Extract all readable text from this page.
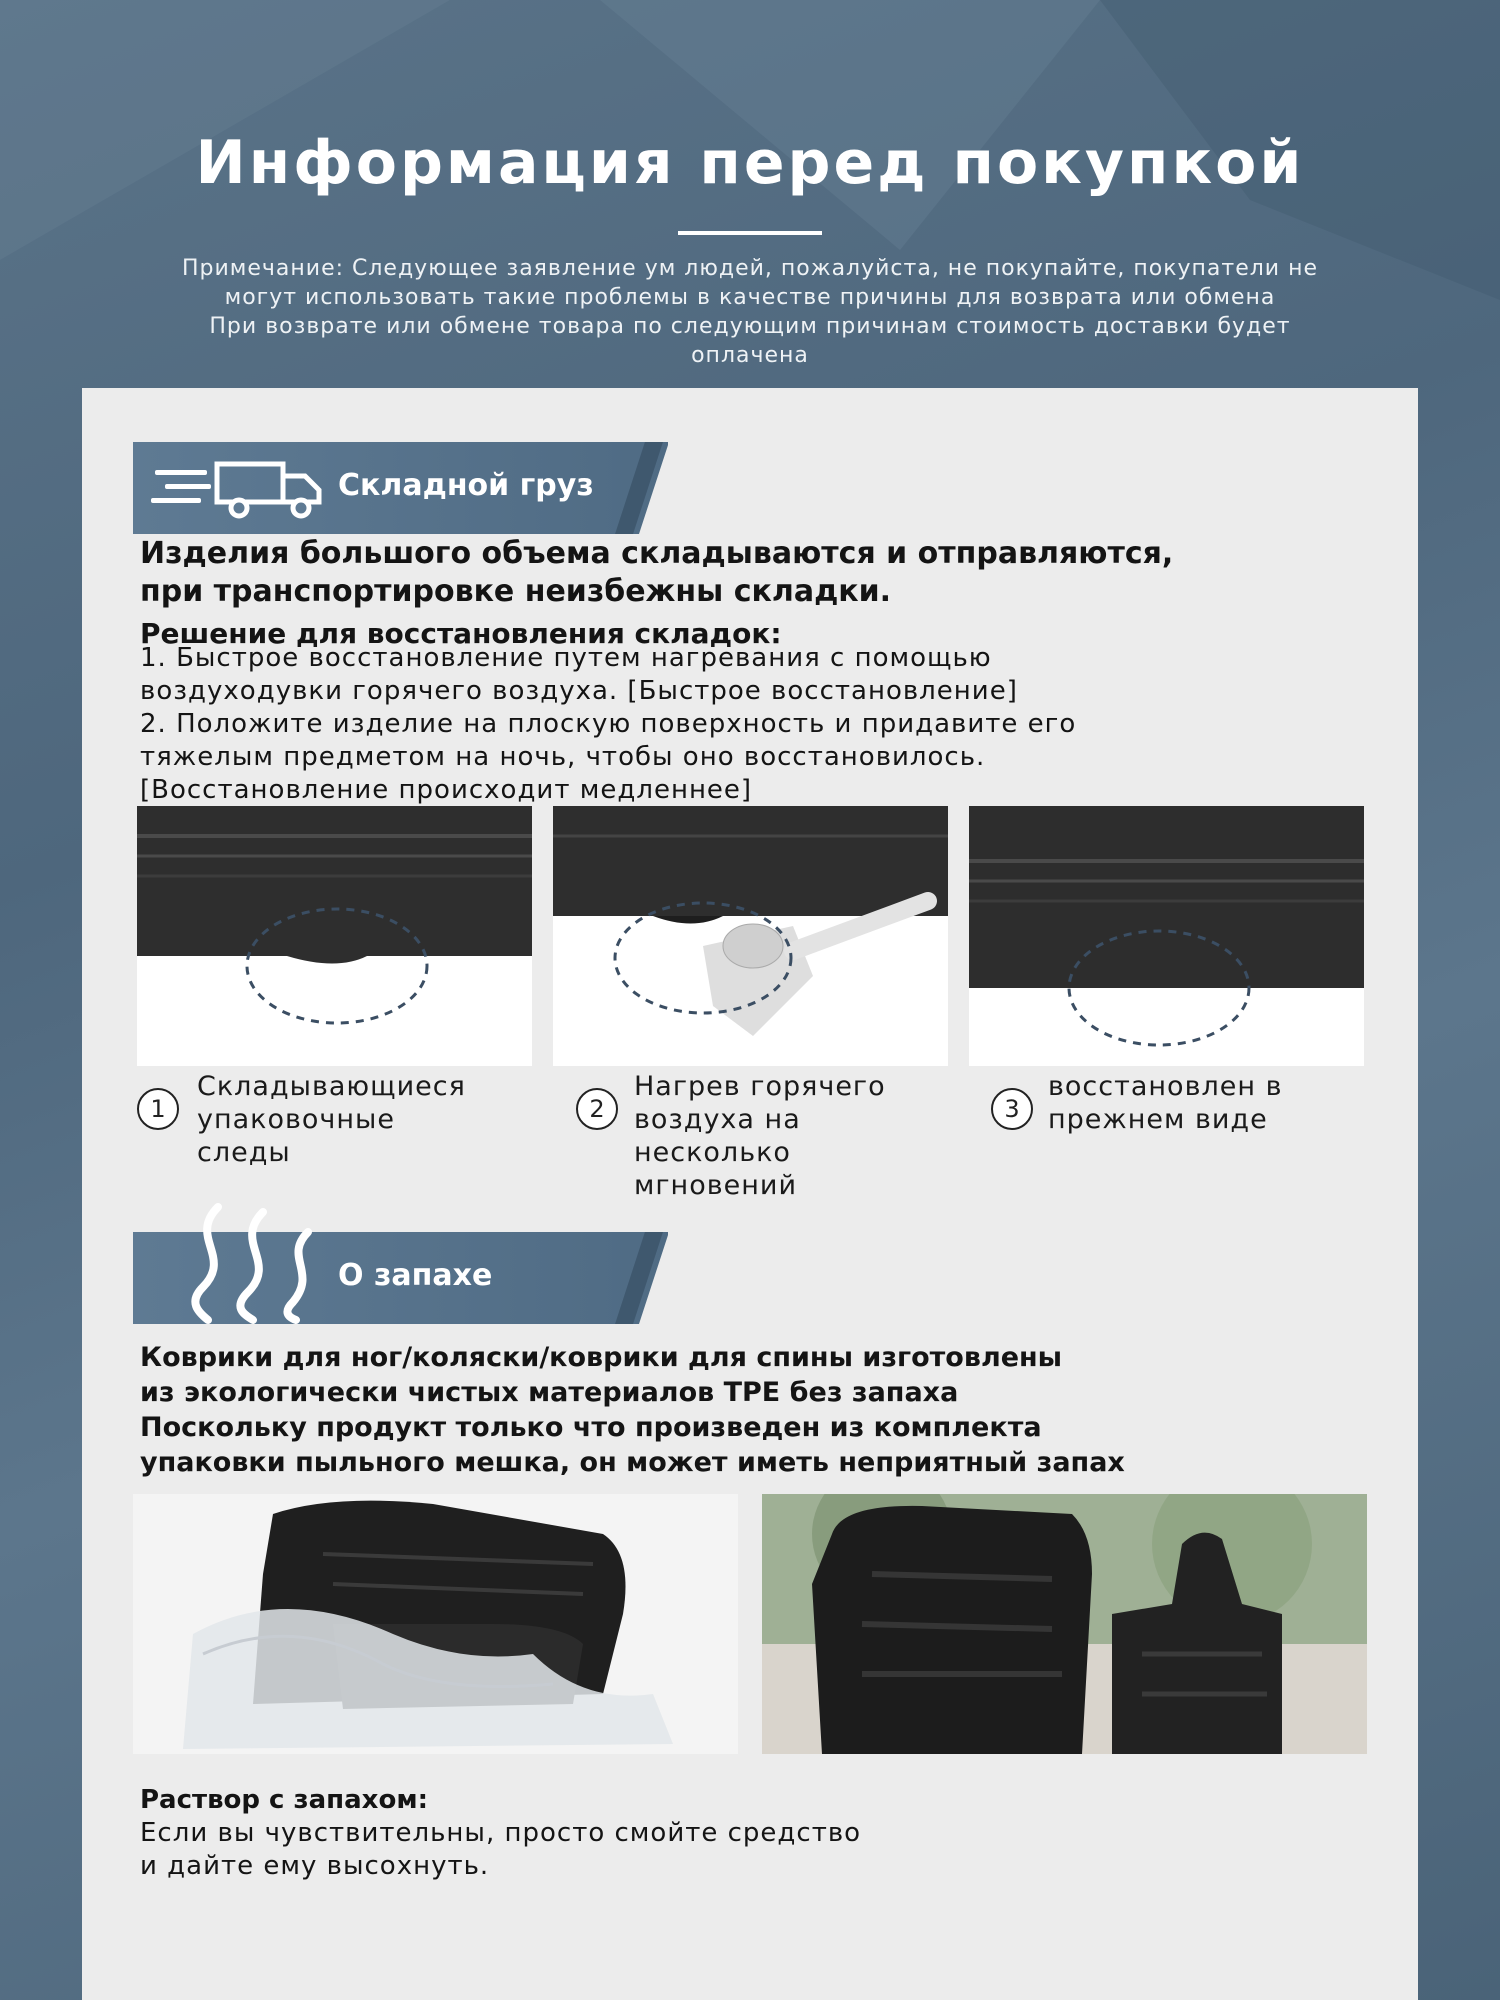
Информация перед покупкой
Примечание: Следующее заявление ум людей, пожалуйста, не покупайте, покупатели не
могут использовать такие проблемы в качестве причины для возврата или обмена
При возврате или обмене товара по следующим причинам стоимость доставки будет
оплачена
Складной груз
Изделия большого объема складываются и отправляются,
при транспортировке неизбежны складки.
Решение для восстановления складок:
1. Быстрое восстановление путем нагревания с помощью
воздуходувки горячего воздуха. [Быстрое восстановление]
2. Положите изделие на плоскую поверхность и придавите его
тяжелым предметом на ночь, чтобы оно восстановилось.
[Восстановление происходит медленнее]
1
Складывающиеся
упаковочные
следы
2
Нагрев горячего
воздуха на
несколько
мгновений
3
восстановлен в
прежнем виде
О запахе
Коврики для ног/коляски/коврики для спины изготовлены
из экологически чистых материалов TPE без запаха
Поскольку продукт только что произведен из комплекта
упаковки пыльного мешка, он может иметь неприятный запах
Раствор с запахом:
Если вы чувствительны, просто смойте средство
и дайте ему высохнуть.
